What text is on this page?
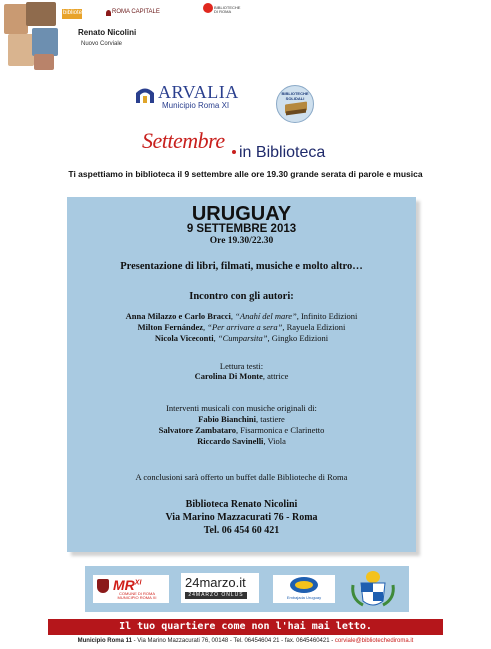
biblioteca	ROMA CAPITALE
BIBLIOTECHE DI ROMA
Renato Nicolini
Nuovo Corviale
ARVALIA
Municipio Roma XI
BIBLIOTECHE SOLIDALI
Settembre in Biblioteca
Ti aspettiamo in biblioteca il 9 settembre alle ore 19.30 grande serata di parole e musica
URUGUAY
9 SETTEMBRE 2013
Ore 19.30/22.30
Presentazione di libri, filmati, musiche e molto altro…
Incontro con gli autori:
Anna Milazzo e Carlo Bracci, “Anahí del mare”, Infinito Edizioni
Milton Fernández, “Per arrivare a sera”, Rayuela Edizioni
Nicola Viceconti, “Cumparsita”, Gingko Edizioni
Lettura testi:
Carolina Di Monte, attrice
Interventi musicali con musiche originali di:
Fabio Bianchini, tastiere
Salvatore Zambataro, Fisarmonica e Clarinetto
Riccardo Savinelli, Viola
A conclusioni sarà offerto un buffet dalle Biblioteche di Roma
Biblioteca Renato Nicolini
Via Marino Mazzacurati 76 - Roma
Tel. 06 454 60 421
$MR^{XI}$
COMUNE DI ROMA MUNICIPIO ROMA XI
24marzo.it
24MARZO ONLUS	Embajada Uruguay
Il tuo quartiere come non l'hai mai letto.
Municipio Roma 11 - Via Marino Mazzacurati 76, 00148 - Tel. 06454604 21 - fax. 0645460421 - corviale@bibliotechediroma.it
